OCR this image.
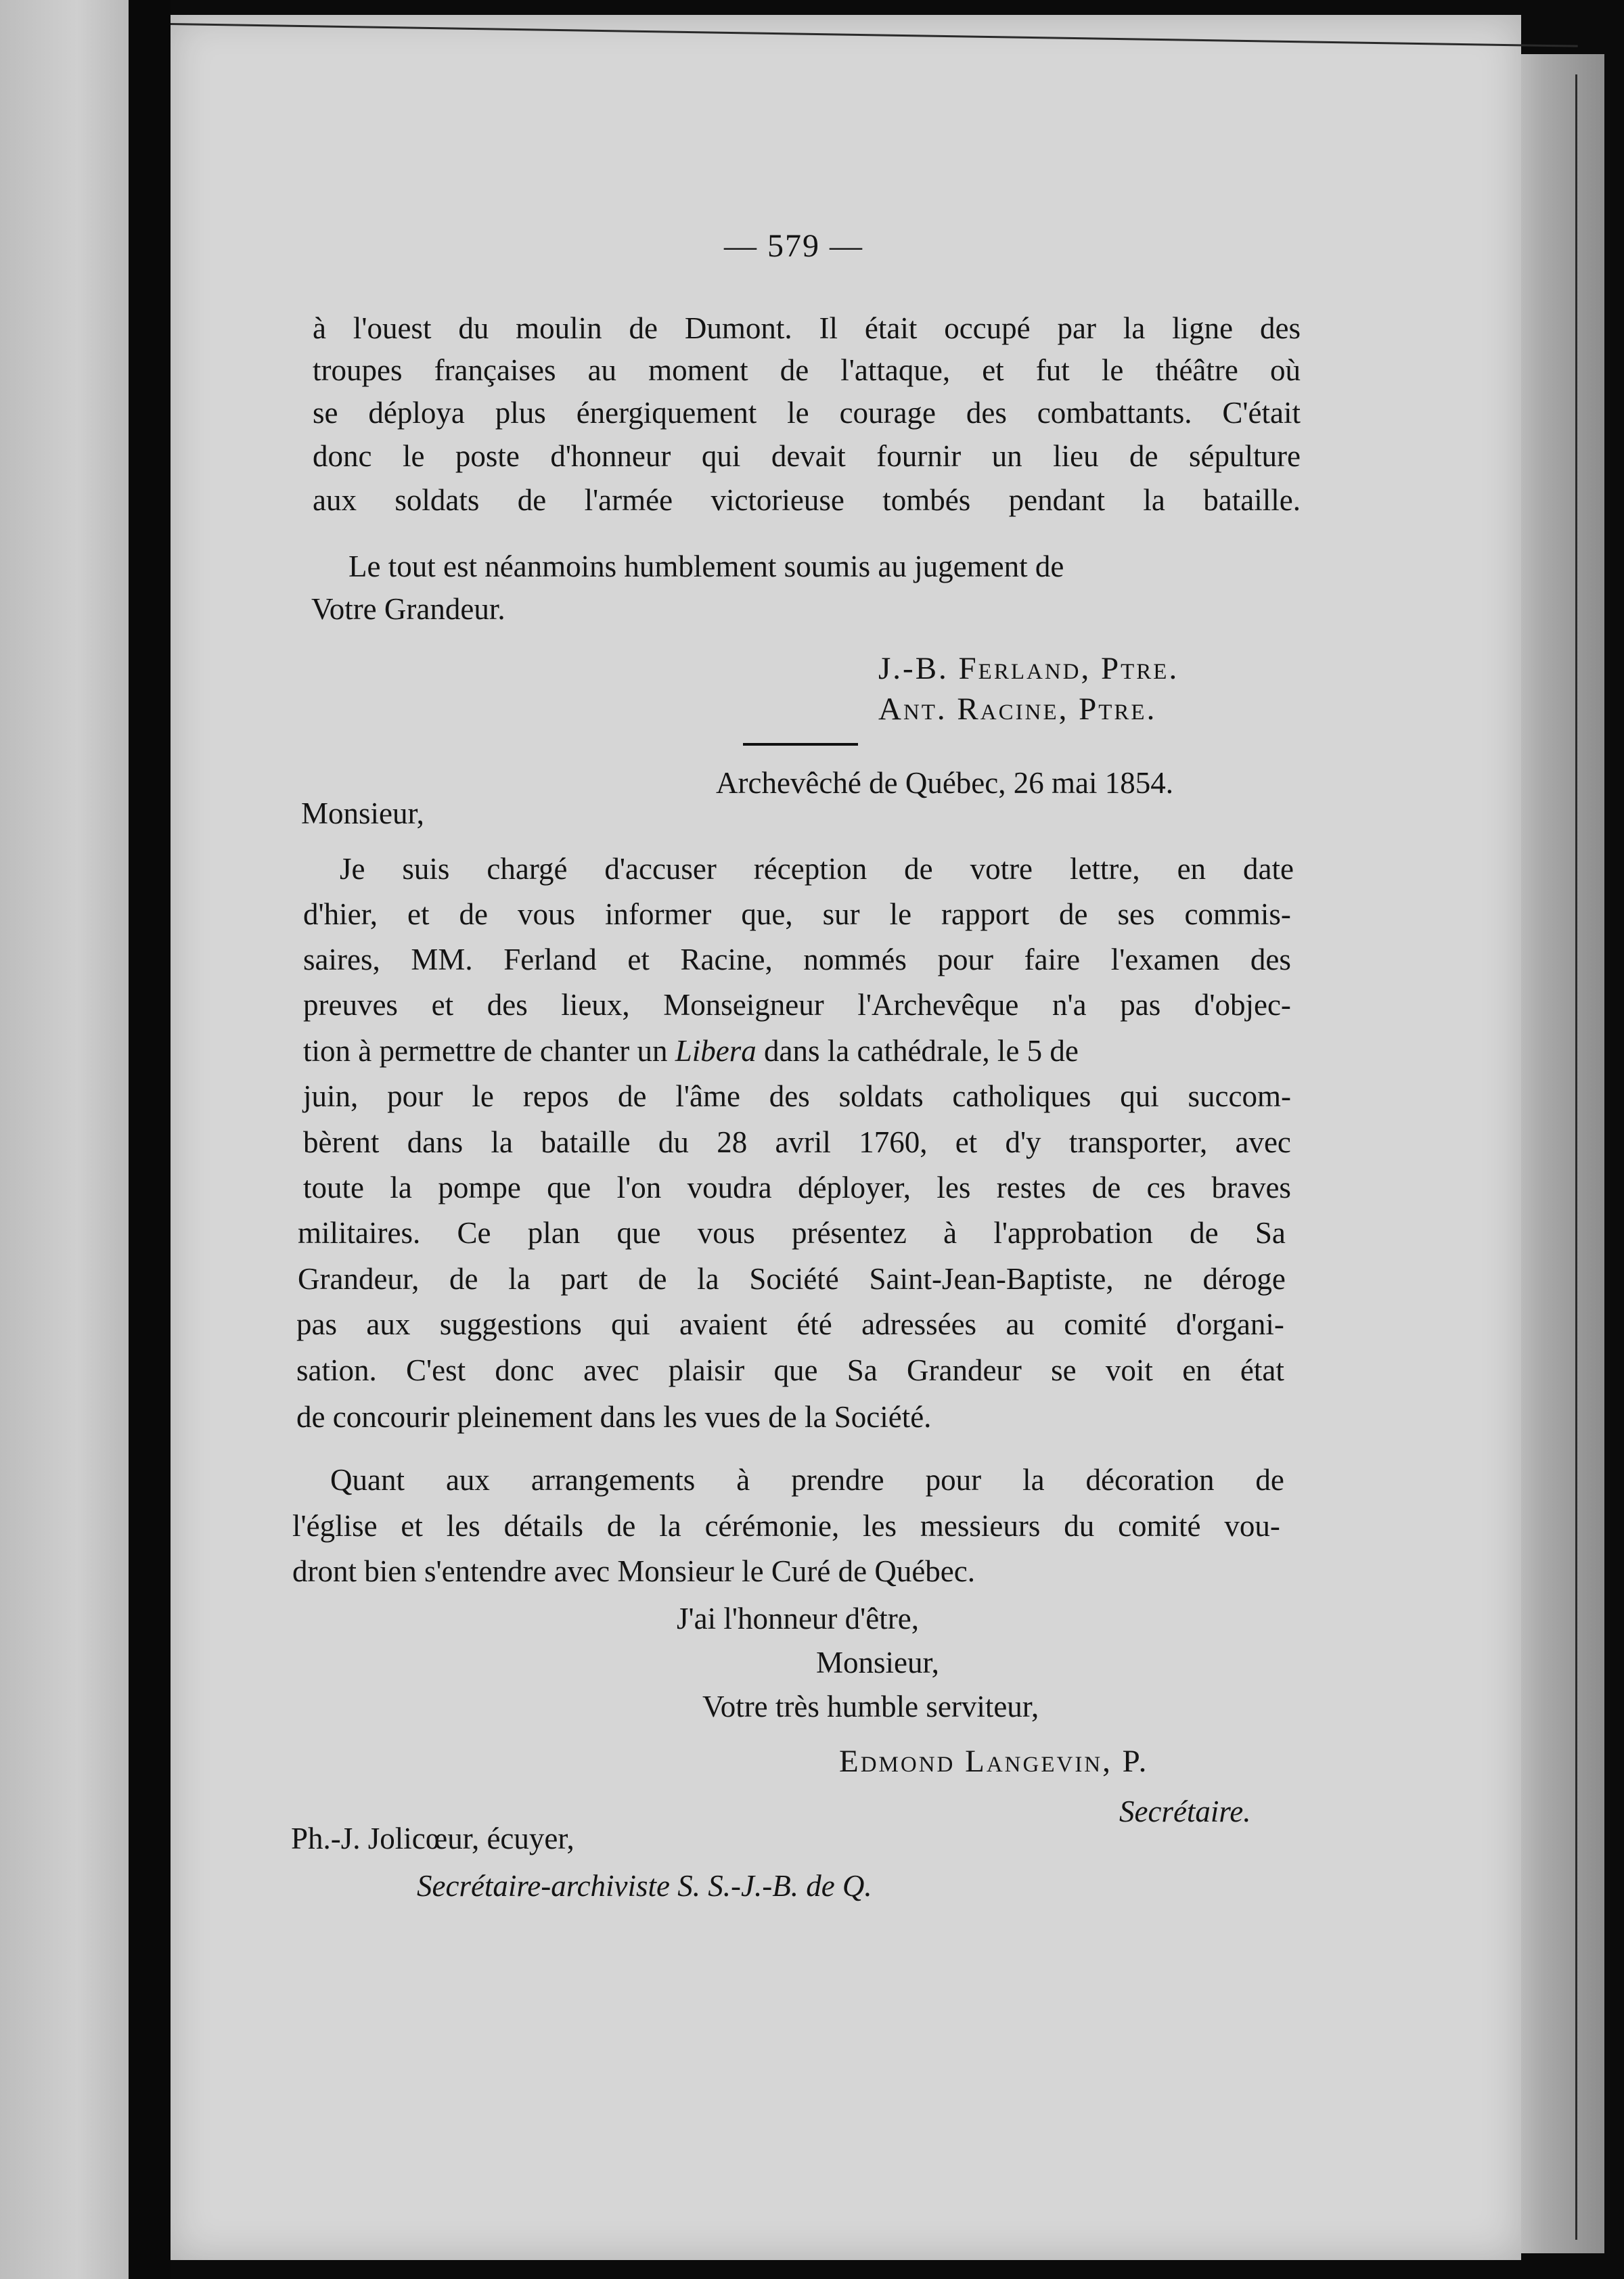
— 579 —
à l'ouest du moulin de Dumont. Il était occupé par la ligne des
troupes françaises au moment de l'attaque, et fut le théâtre où
se déploya plus énergiquement le courage des combattants. C'était
donc le poste d'honneur qui devait fournir un lieu de sépulture
aux soldats de l'armée victorieuse tombés pendant la bataille.
Le tout est néanmoins humblement soumis au jugement de
Votre Grandeur.
J.-B. Ferland, Ptre.
Ant. Racine, Ptre.
Archevêché de Québec, 26 mai 1854.
Monsieur,
Je suis chargé d'accuser réception de votre lettre, en date
d'hier, et de vous informer que, sur le rapport de ses commis-
saires, MM. Ferland et Racine, nommés pour faire l'examen des
preuves et des lieux, Monseigneur l'Archevêque n'a pas d'objec-
tion à permettre de chanter un Libera dans la cathédrale, le 5 de
juin, pour le repos de l'âme des soldats catholiques qui succom-
bèrent dans la bataille du 28 avril 1760, et d'y transporter, avec
toute la pompe que l'on voudra déployer, les restes de ces braves
militaires. Ce plan que vous présentez à l'approbation de Sa
Grandeur, de la part de la Société Saint-Jean-Baptiste, ne déroge
pas aux suggestions qui avaient été adressées au comité d'organi-
sation. C'est donc avec plaisir que Sa Grandeur se voit en état
de concourir pleinement dans les vues de la Société.
Quant aux arrangements à prendre pour la décoration de
l'église et les détails de la cérémonie, les messieurs du comité vou-
dront bien s'entendre avec Monsieur le Curé de Québec.
J'ai l'honneur d'être,
Monsieur,
Votre très humble serviteur,
Edmond Langevin, P.
Secrétaire.
Ph.-J. Jolicœur, écuyer,
Secrétaire-archiviste S. S.-J.-B. de Q.
